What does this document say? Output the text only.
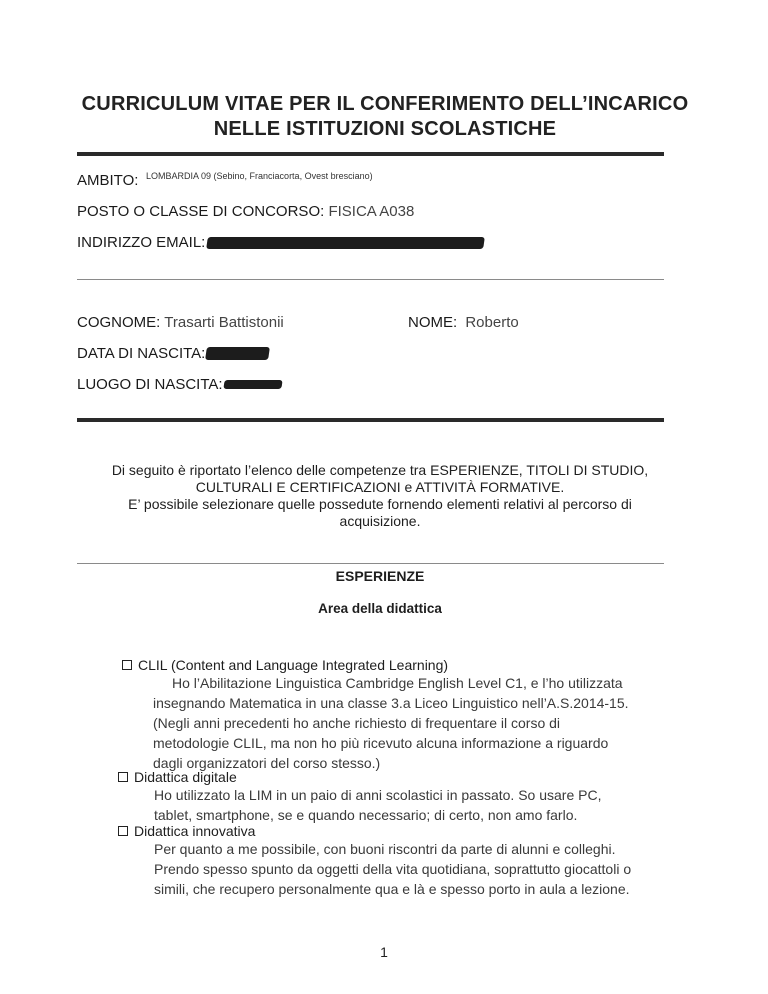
CURRICULUM VITAE PER IL CONFERIMENTO DELL’INCARICO
NELLE ISTITUZIONI SCOLASTICHE
AMBITO: LOMBARDIA 09 (Sebino, Franciacorta, Ovest bresciano)
POSTO O CLASSE DI CONCORSO: FISICA A038
INDIRIZZO EMAIL:
COGNOME: Trasarti Battistonii	NOME: Roberto
DATA DI NASCITA:
LUOGO DI NASCITA:
Di seguito è riportato l’elenco delle competenze tra ESPERIENZE, TITOLI DI STUDIO,
CULTURALI E CERTIFICAZIONI e ATTIVITÀ FORMATIVE.
E’ possibile selezionare quelle possedute fornendo elementi relativi al percorso di
acquisizione.
ESPERIENZE
Area della didattica
CLIL (Content and Language Integrated Learning)
Ho l’Abilitazione Linguistica Cambridge English Level C1, e l’ho utilizzata
insegnando Matematica in una classe 3.a Liceo Linguistico nell’A.S.2014-15.
(Negli anni precedenti ho anche richiesto di frequentare il corso di
metodologie CLIL, ma non ho più ricevuto alcuna informazione a riguardo
dagli organizzatori del corso stesso.)
Didattica digitale
Ho utilizzato la LIM in un paio di anni scolastici in passato. So usare PC,
tablet, smartphone, se e quando necessario; di certo, non amo farlo.
Didattica innovativa
Per quanto a me possibile, con buoni riscontri da parte di alunni e colleghi.
Prendo spesso spunto da oggetti della vita quotidiana, soprattutto giocattoli o
simili, che recupero personalmente qua e là e spesso porto in aula a lezione.
1
